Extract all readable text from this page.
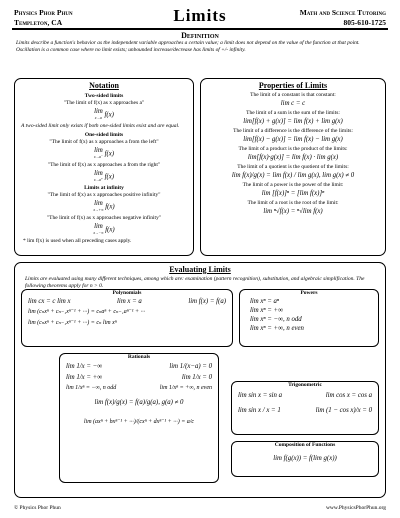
Physics Phor Phun
Templeton, CA	Limits	Math and Science Tutoring
805-610-1725
Definition
Limits describe a function's behavior as the independent variable approaches a certain value; a limit does not depend on the value of the function at that point. Oscillation is a common case where no limit exists; unbounded increase/decrease has limits of +/- infinity.
Notation
Two-sided limits
"The limit of f(x) as x approaches a"
lim
x→a f(x)
A two-sided limit only exists if both one-sided limits exist and are equal.
One-sided limits
"The limit of f(x) as x approaches a from the left"
lim
x→a⁻ f(x)
"The limit of f(x) as x approaches a from the right"
lim
x→a⁺ f(x)
Limits at infinity
"The limit of f(x) as x approaches positive infinity"
lim
x→+∞ f(x)
"The limit of f(x) as x approaches negative infinity"
lim
x→−∞ f(x)
* lim f(x) is used when all preceding cases apply.
Properties of Limits
The limit of a constant is that constant:
lim c = c
The limit of a sum is the sum of the limits:
lim[f(x) + g(x)] = lim f(x) + lim g(x)
The limit of a difference is the difference of the limits:
lim[f(x) − g(x)] = lim f(x) − lim g(x)
The limit of a product is the product of the limits:
lim[f(x)·g(x)] = lim f(x) · lim g(x)
The limit of a quotient is the quotient of the limits:
lim f(x)/g(x) = lim f(x) / lim g(x), lim g(x) ≠ 0
The limit of a power is the power of the limit:
lim [f(x)]ⁿ = [lim f(x)]ⁿ
The limit of a root is the root of the limit:
lim ⁿ√f(x) = ⁿ√lim f(x)
Evaluating Limits
Limits are evaluated using many different techniques, among which are: examination (pattern recognition), substitution, and algebraic simplification. The following theorems apply for n > 0.
Polynomials
lim cx = c lim x	lim x = a	lim f(x) = f(a)
lim (cₙxⁿ + cₙ₋₁xⁿ⁻¹ + ···) = cₙaⁿ + cₙ₋₁aⁿ⁻¹ + ···
lim (cₙxⁿ + cₙ₋₁xⁿ⁻¹ + ···) = cₙ lim xⁿ
Powers
lim xⁿ = aⁿ
lim xⁿ = +∞
lim xⁿ = −∞, n odd
lim xⁿ = +∞, n even
Rationals
lim 1/x = −∞	lim 1/(x−a) = 0
lim 1/x = +∞	lim 1/x = 0
lim 1/xⁿ = −∞, n odd	lim 1/xⁿ = +∞, n even
lim f(x)/g(x) = f(a)/g(a), g(a) ≠ 0
lim (axⁿ + bxⁿ⁻¹ + ···)/(cxⁿ + dxⁿ⁻¹ + ···) = a/c
Trigonometric
lim sin x = sin a	lim cos x = cos a
lim sin x / x = 1	lim (1 − cos x)/x = 0
Composition of Functions
lim f(g(x)) = f(lim g(x))
© Physics Phor Phun	www.PhysicsPhorPhun.org
